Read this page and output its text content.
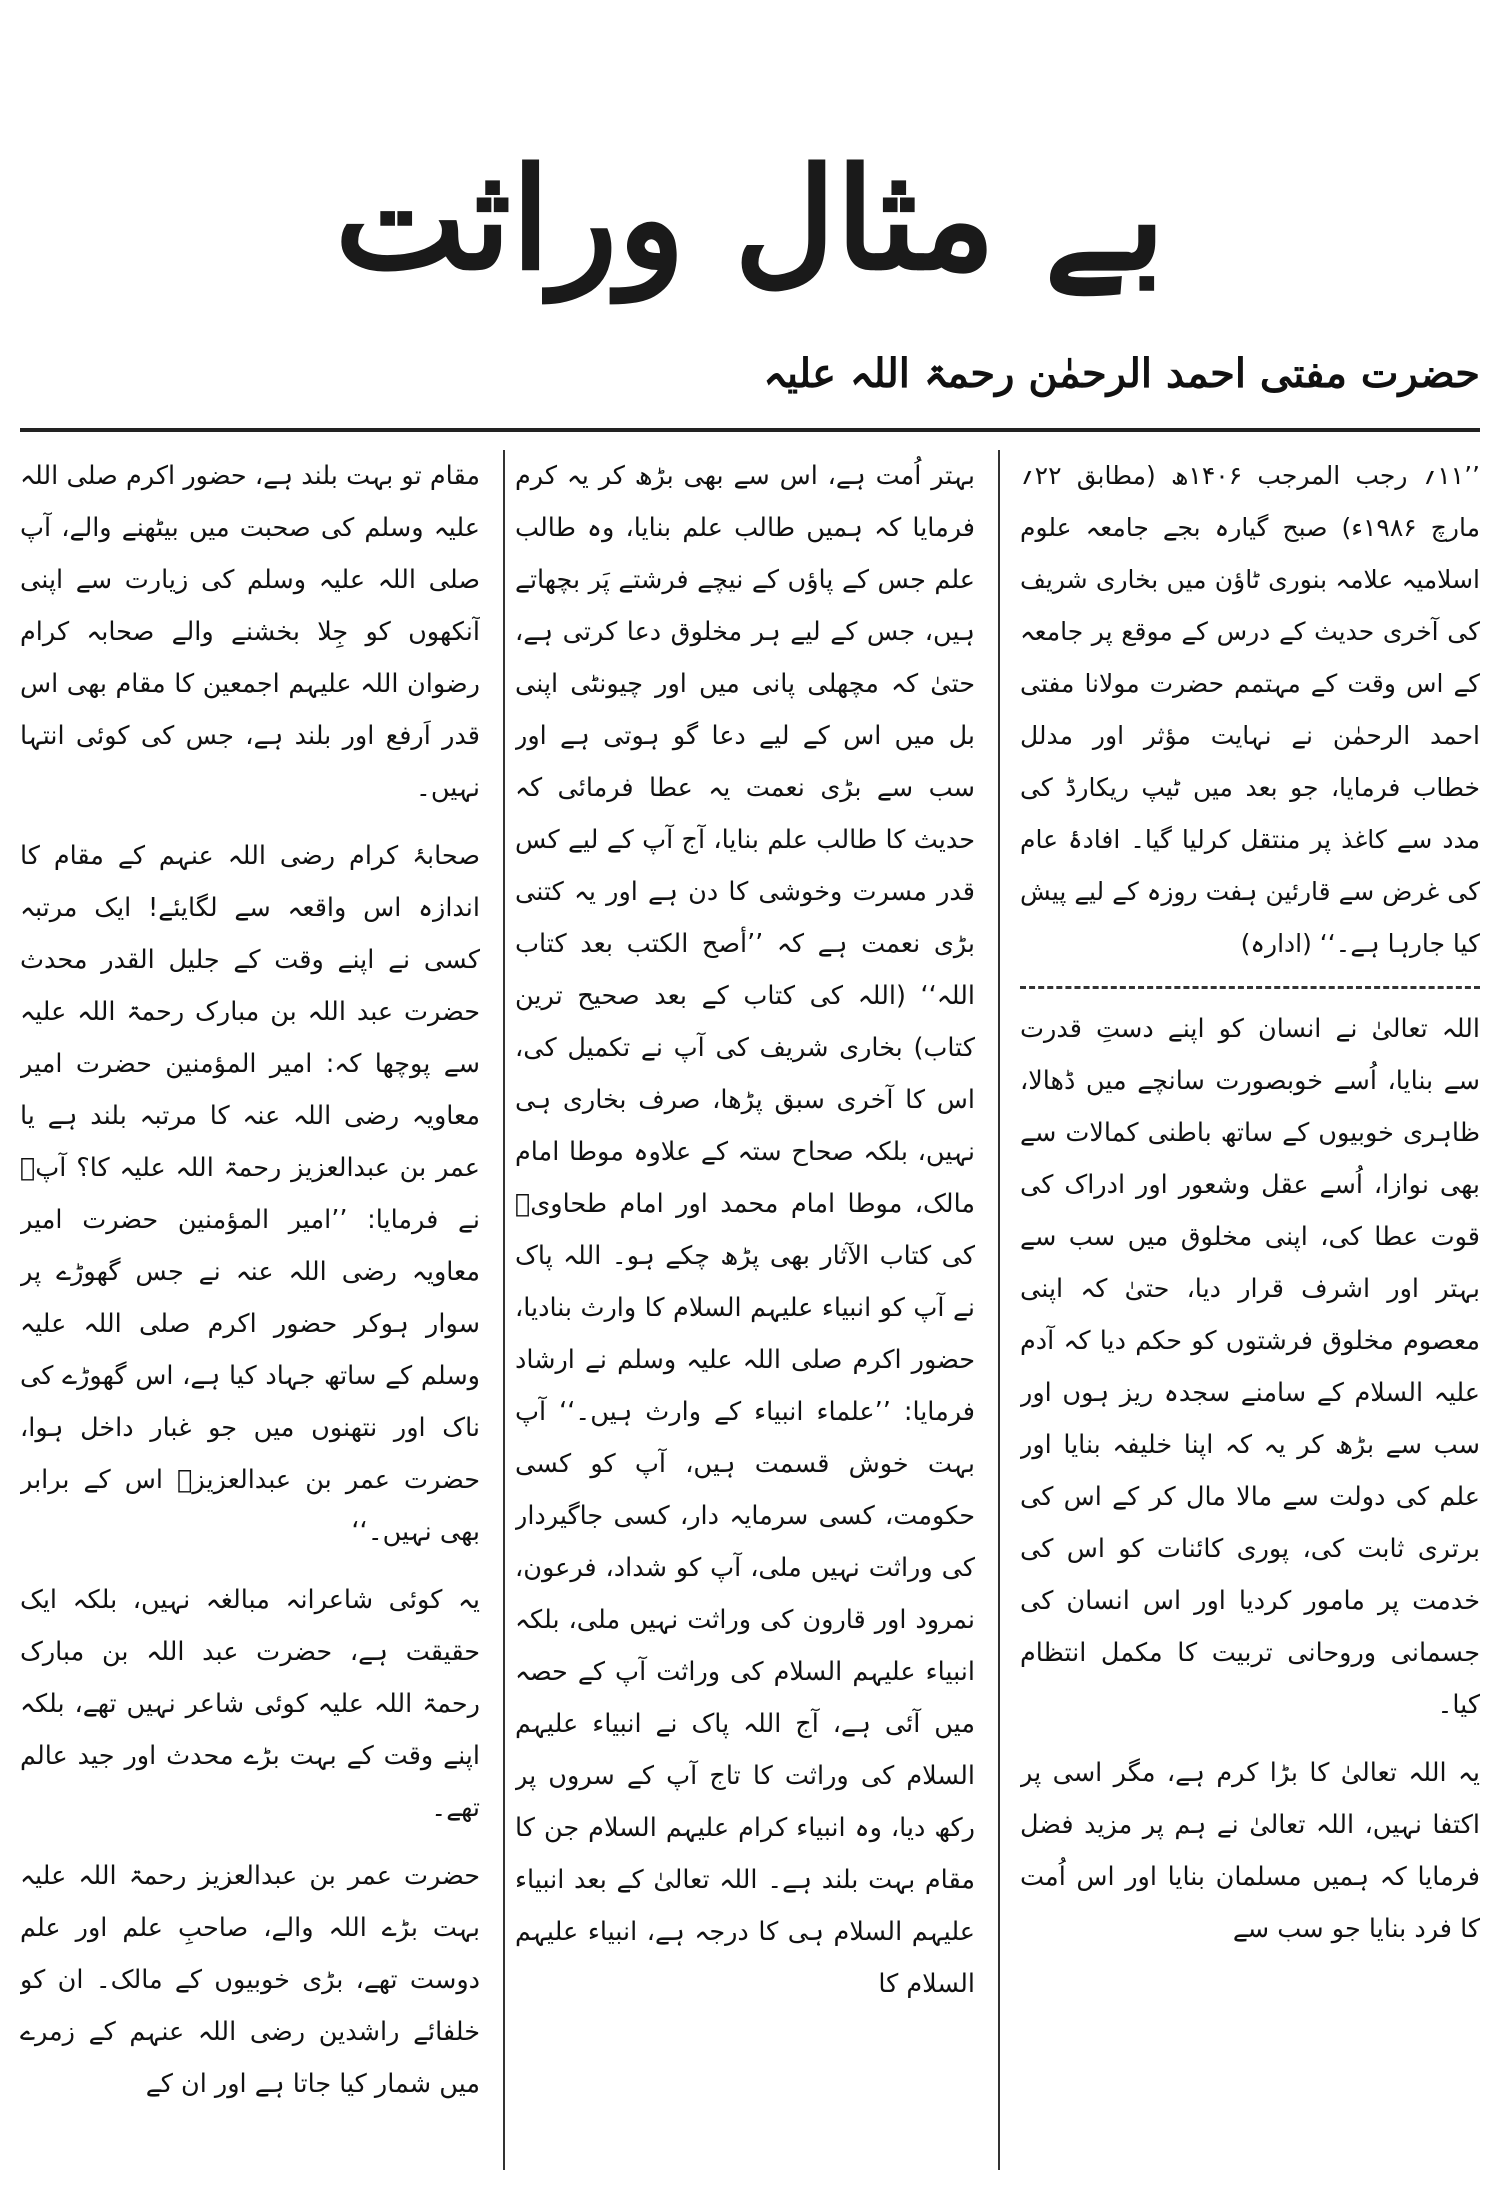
بے مثال وراثت
حضرت مفتی احمد الرحمٰن رحمۃ اللہ علیہ

’’۱۱؍ رجب المرجب ۱۴۰۶ھ (مطابق ۲۲؍ مارچ ۱۹۸۶ء) صبح گیارہ بجے جامعہ علوم اسلامیہ علامہ بنوری ٹاؤن میں بخاری شریف کی آخری حدیث کے درس کے موقع پر جامعہ کے اس وقت کے مہتمم حضرت مولانا مفتی احمد الرحمٰن نے نہایت مؤثر اور مدلل خطاب فرمایا، جو بعد میں ٹیپ ریکارڈ کی مدد سے کاغذ پر منتقل کرلیا گیا۔ افادۂ عام کی غرض سے قارئین ہفت روزہ کے لیے پیش کیا جارہا ہے۔‘‘ (ادارہ)

اللہ تعالیٰ نے انسان کو اپنے دستِ قدرت سے بنایا، اُسے خوبصورت سانچے میں ڈھالا، ظاہری خوبیوں کے ساتھ باطنی کمالات سے بھی نوازا، اُسے عقل وشعور اور ادراک کی قوت عطا کی، اپنی مخلوق میں سب سے بہتر اور اشرف قرار دیا، حتیٰ کہ اپنی معصوم مخلوق فرشتوں کو حکم دیا کہ آدم علیہ السلام کے سامنے سجدہ ریز ہوں اور سب سے بڑھ کر یہ کہ اپنا خلیفہ بنایا اور علم کی دولت سے مالا مال کر کے اس کی برتری ثابت کی، پوری کائنات کو اس کی خدمت پر مامور کردیا اور اس انسان کی جسمانی وروحانی تربیت کا مکمل انتظام کیا۔

یہ اللہ تعالیٰ کا بڑا کرم ہے، مگر اسی پر اکتفا نہیں، اللہ تعالیٰ نے ہم پر مزید فضل فرمایا کہ ہمیں مسلمان بنایا اور اس اُمت کا فرد بنایا جو سب سے

بہتر اُمت ہے، اس سے بھی بڑھ کر یہ کرم فرمایا کہ ہمیں طالب علم بنایا، وہ طالب علم جس کے پاؤں کے نیچے فرشتے پَر بچھاتے ہیں، جس کے لیے ہر مخلوق دعا کرتی ہے، حتیٰ کہ مچھلی پانی میں اور چیونٹی اپنی بل میں اس کے لیے دعا گو ہوتی ہے اور سب سے بڑی نعمت یہ عطا فرمائی کہ حدیث کا طالب علم بنایا، آج آپ کے لیے کس قدر مسرت وخوشی کا دن ہے اور یہ کتنی بڑی نعمت ہے کہ ’’أصح الکتب بعد کتاب اللہ‘‘ (اللہ کی کتاب کے بعد صحیح ترین کتاب) بخاری شریف کی آپ نے تکمیل کی، اس کا آخری سبق پڑھا، صرف بخاری ہی نہیں، بلکہ صحاح ستہ کے علاوہ موطا امام مالک، موطا امام محمد اور امام طحاویؒ کی کتاب الآثار بھی پڑھ چکے ہو۔ اللہ پاک نے آپ کو انبیاء علیہم السلام کا وارث بنادیا، حضور اکرم صلی اللہ علیہ وسلم نے ارشاد فرمایا: ’’علماء انبیاء کے وارث ہیں۔‘‘ آپ بہت خوش قسمت ہیں، آپ کو کسی حکومت، کسی سرمایہ دار، کسی جاگیردار کی وراثت نہیں ملی، آپ کو شداد، فرعون، نمرود اور قارون کی وراثت نہیں ملی، بلکہ انبیاء علیہم السلام کی وراثت آپ کے حصہ میں آئی ہے، آج اللہ پاک نے انبیاء علیہم السلام کی وراثت کا تاج آپ کے سروں پر رکھ دیا، وہ انبیاء کرام علیہم السلام جن کا مقام بہت بلند ہے۔ اللہ تعالیٰ کے بعد انبیاء علیہم السلام ہی کا درجہ ہے، انبیاء علیہم السلام کا

مقام تو بہت بلند ہے، حضور اکرم صلی اللہ علیہ وسلم کی صحبت میں بیٹھنے والے، آپ صلی اللہ علیہ وسلم کی زیارت سے اپنی آنکھوں کو جِلا بخشنے والے صحابہ کرام رضوان اللہ علیہم اجمعین کا مقام بھی اس قدر اَرفع اور بلند ہے، جس کی کوئی انتہا نہیں۔

صحابۂ کرام رضی اللہ عنہم کے مقام کا اندازہ اس واقعہ سے لگایئے! ایک مرتبہ کسی نے اپنے وقت کے جلیل القدر محدث حضرت عبد اللہ بن مبارک رحمۃ اللہ علیہ سے پوچھا کہ: امیر المؤمنین حضرت امیر معاویہ رضی اللہ عنہ کا مرتبہ بلند ہے یا عمر بن عبدالعزیز رحمۃ اللہ علیہ کا؟ آپؒ نے فرمایا: ’’امیر المؤمنین حضرت امیر معاویہ رضی اللہ عنہ نے جس گھوڑے پر سوار ہوکر حضور اکرم صلی اللہ علیہ وسلم کے ساتھ جہاد کیا ہے، اس گھوڑے کی ناک اور نتھنوں میں جو غبار داخل ہوا، حضرت عمر بن عبدالعزیزؒ اس کے برابر بھی نہیں۔‘‘

یہ کوئی شاعرانہ مبالغہ نہیں، بلکہ ایک حقیقت ہے، حضرت عبد اللہ بن مبارک رحمۃ اللہ علیہ کوئی شاعر نہیں تھے، بلکہ اپنے وقت کے بہت بڑے محدث اور جید عالم تھے۔

حضرت عمر بن عبدالعزیز رحمۃ اللہ علیہ بہت بڑے اللہ والے، صاحبِ علم اور علم دوست تھے، بڑی خوبیوں کے مالک۔ ان کو خلفائے راشدین رضی اللہ عنہم کے زمرے میں شمار کیا جاتا ہے اور ان کے
